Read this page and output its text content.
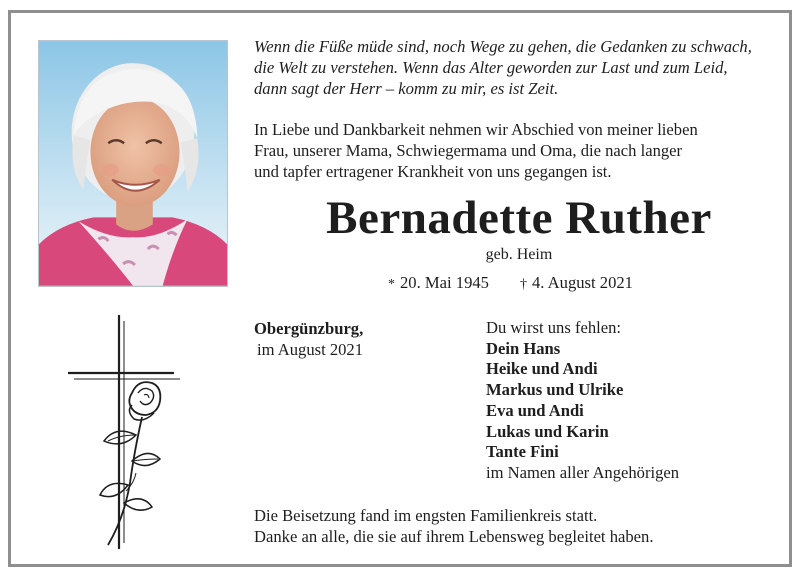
Wenn die Füße müde sind, noch Wege zu gehen, die Gedanken zu schwach,
die Welt zu verstehen. Wenn das Alter geworden zur Last und zum Leid,
dann sagt der Herr – komm zu mir, es ist Zeit.
In Liebe und Dankbarkeit nehmen wir Abschied von meiner lieben
Frau, unserer Mama, Schwiegermama und Oma, die nach langer
und tapfer ertragener Krankheit von uns gegangen ist.
Bernadette Ruther
geb. Heim
* 20. Mai 1945 † 4. August 2021
Obergünzburg,
im August 2021
Du wirst uns fehlen:
Dein Hans
Heike und Andi
Markus und Ulrike
Eva und Andi
Lukas und Karin
Tante Fini
im Namen aller Angehörigen
Die Beisetzung fand im engsten Familienkreis statt.
Danke an alle, die sie auf ihrem Lebensweg begleitet haben.
